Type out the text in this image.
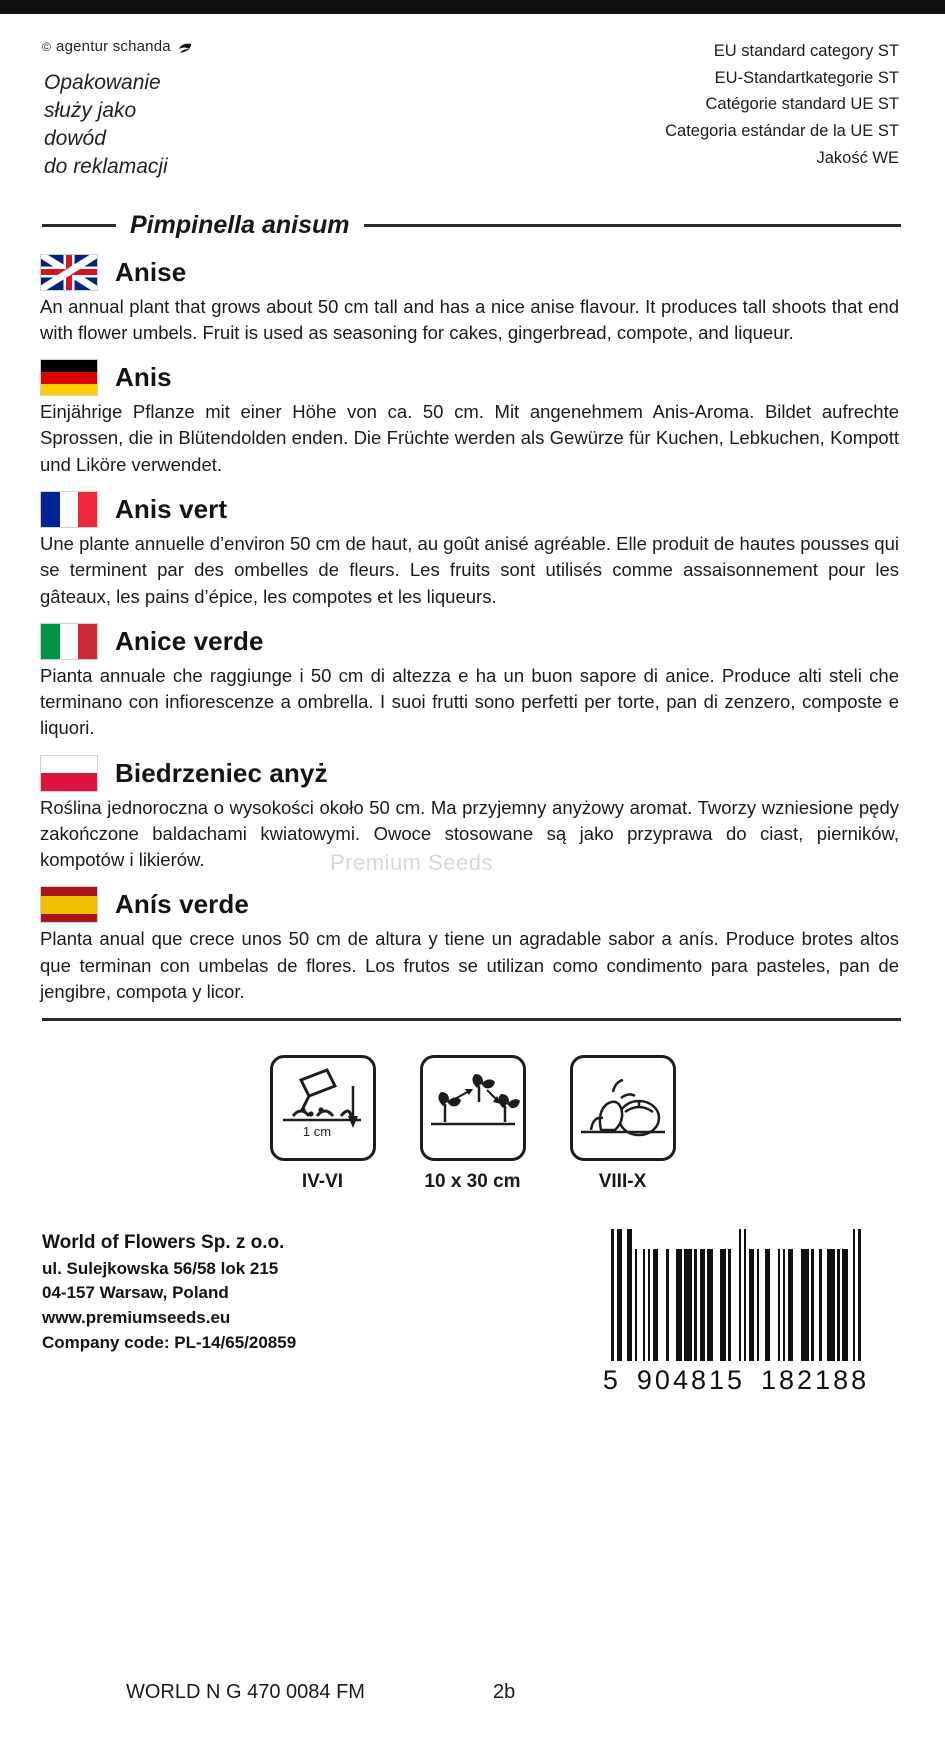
© agentur schanda
Opakowanie
służy jako
dowód
do reklamacji
EU standard category ST
EU-Standartkategorie ST
Catégorie standard UE ST
Categoria estándar de la UE ST
Jakość WE
Pimpinella anisum
Anise
An annual plant that grows about 50 cm tall and has a nice anise flavour. It produces tall shoots that end with flower umbels. Fruit is used as seasoning for cakes, gingerbread, compote, and liqueur.
Anis
Einjährige Pflanze mit einer Höhe von ca. 50 cm. Mit angenehmem Anis-Aroma. Bildet aufrechte Sprossen, die in Blütendolden enden. Die Früchte werden als Gewürze für Kuchen, Lebkuchen, Kompott und Liköre verwendet.
Anis vert
Une plante annuelle d’environ 50 cm de haut, au goût anisé agréable. Elle produit de hautes pousses qui se terminent par des ombelles de fleurs. Les fruits sont utilisés comme assaisonnement pour les gâteaux, les pains d’épice, les compotes et les liqueurs.
Anice verde
Pianta annuale che raggiunge i 50 cm di altezza e ha un buon sapore di anice. Produce alti steli che terminano con infiorescenze a ombrella. I suoi frutti sono perfetti per torte, pan di zenzero, composte e liquori.
Biedrzeniec anyż
Roślina jednoroczna o wysokości około 50 cm. Ma przyjemny anyżowy aromat. Tworzy wzniesione pędy zakończone baldachami kwiatowymi. Owoce stosowane są jako przyprawa do ciast, pierników, kompotów i likierów.
Anís verde
Planta anual que crece unos 50 cm de altura y tiene un agradable sabor a anís. Produce brotes altos que terminan con umbelas de flores. Los frutos se utilizan como condimento para pasteles, pan de jengibre, compota y licor.
1 cm
IV-VI	10 x 30 cm	VIII-X
World of Flowers Sp. z o.o.
ul. Sulejkowska 56/58 lok 215
04-157 Warsaw, Poland
www.premiumseeds.eu
Company code: PL-14/65/20859
5 904815 182188
Premium Seeds
WORLD N G 470 0084 FM	2b
